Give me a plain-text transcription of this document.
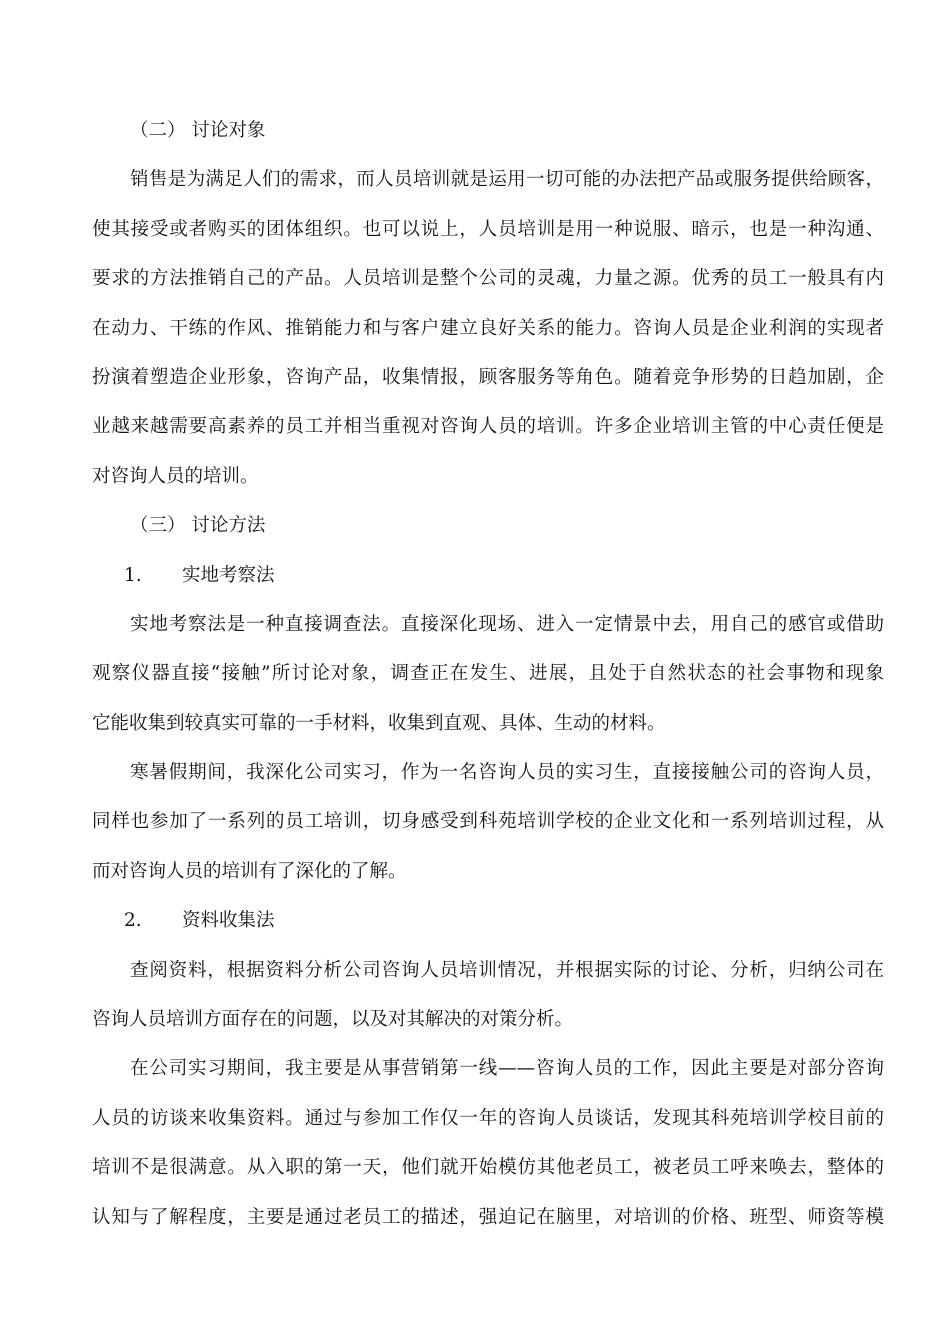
（二） 讨论对象
销售是为满足人们的需求，而人员培训就是运用一切可能的办法把产品或服务提供给顾客，
使其接受或者购买的团体组织。也可以说上，人员培训是用一种说服、暗示，也是一种沟通、
要求的方法推销自己的产品。人员培训是整个公司的灵魂，力量之源。优秀的员工一般具有内
在动力、干练的作风、推销能力和与客户建立良好关系的能力。咨询人员是企业利润的实现者
扮演着塑造企业形象，咨询产品，收集情报，顾客服务等角色。随着竞争形势的日趋加剧，企
业越来越需要高素养的员工并相当重视对咨询人员的培训。许多企业培训主管的中心责任便是
对咨询人员的培训。
（三） 讨论方法
1. 实地考察法
实地考察法是一种直接调查法。直接深化现场、进入一定情景中去，用自己的感官或借助
观察仪器直接“接触”所讨论对象，调查正在发生、进展，且处于自然状态的社会事物和现象
它能收集到较真实可靠的一手材料，收集到直观、具体、生动的材料。
寒暑假期间，我深化公司实习，作为一名咨询人员的实习生，直接接触公司的咨询人员，
同样也参加了一系列的员工培训，切身感受到科苑培训学校的企业文化和一系列培训过程，从
而对咨询人员的培训有了深化的了解。
2. 资料收集法
查阅资料，根据资料分析公司咨询人员培训情况，并根据实际的讨论、分析，归纳公司在
咨询人员培训方面存在的问题，以及对其解决的对策分析。
在公司实习期间，我主要是从事营销第一线——咨询人员的工作，因此主要是对部分咨询
人员的访谈来收集资料。通过与参加工作仅一年的咨询人员谈话，发现其科苑培训学校目前的
培训不是很满意。从入职的第一天，他们就开始模仿其他老员工，被老员工呼来唤去，整体的
认知与了解程度，主要是通过老员工的描述，强迫记在脑里，对培训的价格、班型、师资等模
